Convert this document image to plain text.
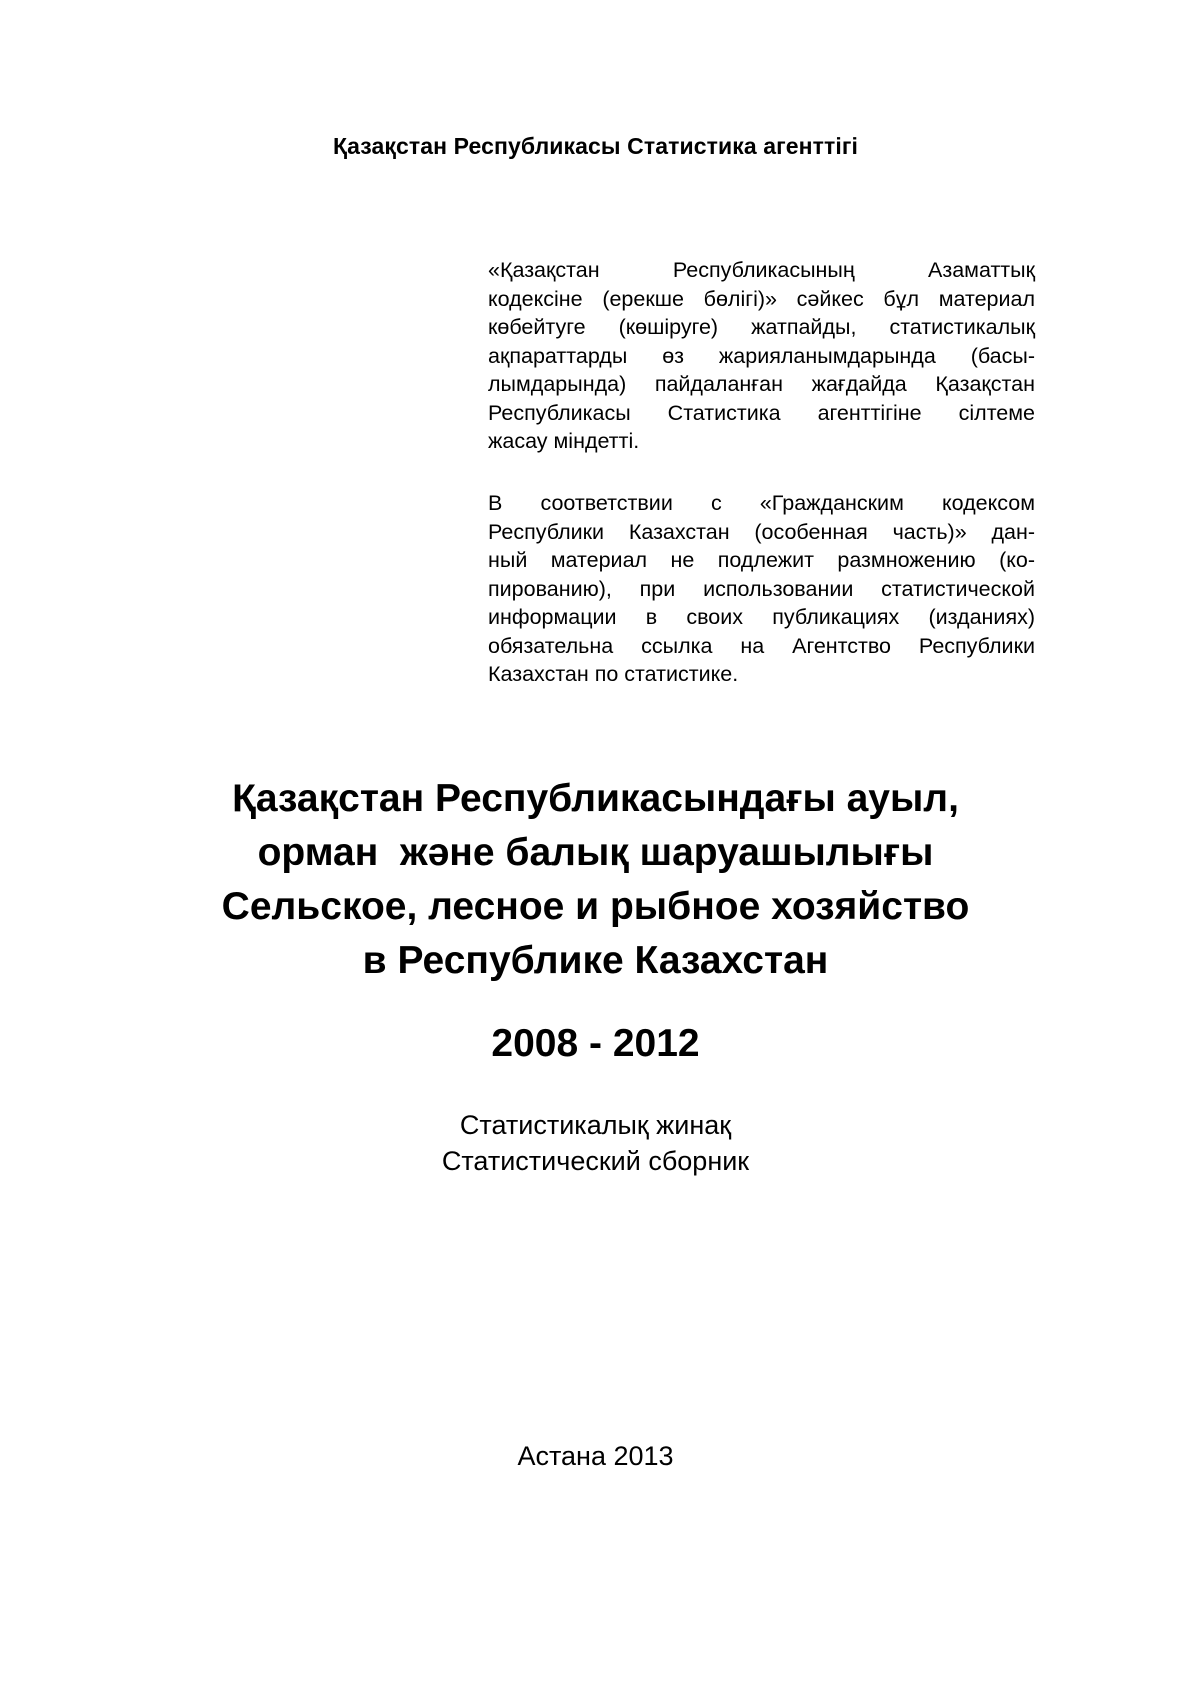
Қазақстан Республикасы Статистика агенттігі
«Қазақстан Республикасының Азаматтық
кодексіне (ерекше бөлігі)» сәйкес бұл материал
көбейтуге (көшіруге) жатпайды, статистикалық
ақпараттарды өз жарияланымдарында (басы-
лымдарында) пайдаланған жағдайда Қазақстан
Республикасы Статистика агенттігіне сілтеме
жасау міндетті.
В соответствии с «Гражданским кодексом
Республики Казахстан (особенная часть)» дан-
ный материал не подлежит размножению (ко-
пированию), при использовании статистической
информации в своих публикациях (изданиях)
обязательна ссылка на Агентство Республики
Казахстан по статистике.
Қазақстан Республикасындағы ауыл,
орман  және балық шаруашылығы
Сельское, лесное и рыбное хозяйство
в Республике Казахстан
2008 - 2012
Статистикалық жинақ
Статистический сборник
Астана 2013
